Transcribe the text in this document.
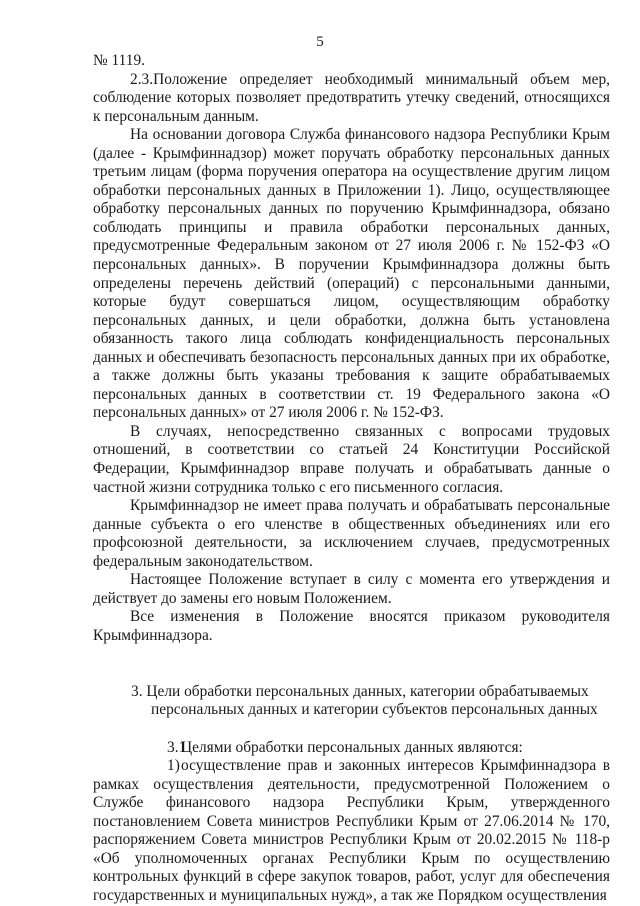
5

№ 1119.

2.3.Положение определяет необходимый минимальный объем мер, соблюдение которых позволяет предотвратить утечку сведений, относящихся к персональным данным.

На основании договора Служба финансового надзора Республики Крым (далее - Крымфиннадзор) может поручать обработку персональных данных третьим лицам (форма поручения оператора на осуществление другим лицом обработки персональных данных в Приложении 1). Лицо, осуществляющее обработку персональных данных по поручению Крымфиннадзора, обязано соблюдать принципы и правила обработки персональных данных, предусмотренные Федеральным законом от 27 июля 2006 г. № 152-ФЗ «О персональных данных». В поручении Крымфиннадзора должны быть определены перечень действий (операций) с персональными данными, которые будут совершаться лицом, осуществляющим обработку персональных данных, и цели обработки, должна быть установлена обязанность такого лица соблюдать конфиденциальность персональных данных и обеспечивать безопасность персональных данных при их обработке, а также должны быть указаны требования к защите обрабатываемых персональных данных в соответствии ст. 19 Федерального закона «О персональных данных» от 27 июля 2006 г. № 152-ФЗ.

В случаях, непосредственно связанных с вопросами трудовых отношений, в соответствии со статьей 24 Конституции Российской Федерации, Крымфиннадзор вправе получать и обрабатывать данные о частной жизни сотрудника только с его письменного согласия.

Крымфиннадзор не имеет права получать и обрабатывать персональные данные субъекта о его членстве в общественных объединениях или его профсоюзной деятельности, за исключением случаев, предусмотренных федеральным законодательством.

Настоящее Положение вступает в силу с момента его утверждения и действует до замены его новым Положением.

Все изменения в Положение вносятся приказом руководителя Крымфиннадзора.

3. Цели обработки персональных данных, категории обрабатываемых
персональных данных и категории субъектов персональных данных

3.1Целями обработки персональных данных являются:

1)осуществление прав и законных интересов Крымфиннадзора в рамках осуществления деятельности, предусмотренной Положением о Службе финансового надзора Республики Крым, утвержденного постановлением Совета министров Республики Крым от 27.06.2014 № 170, распоряжением Совета министров Республики Крым от 20.02.2015 № 118-р «Об уполномоченных органах Республики Крым по осуществлению контрольных функций в сфере закупок товаров, работ, услуг для обеспечения государственных и муниципальных нужд», а так же Порядком осуществления
